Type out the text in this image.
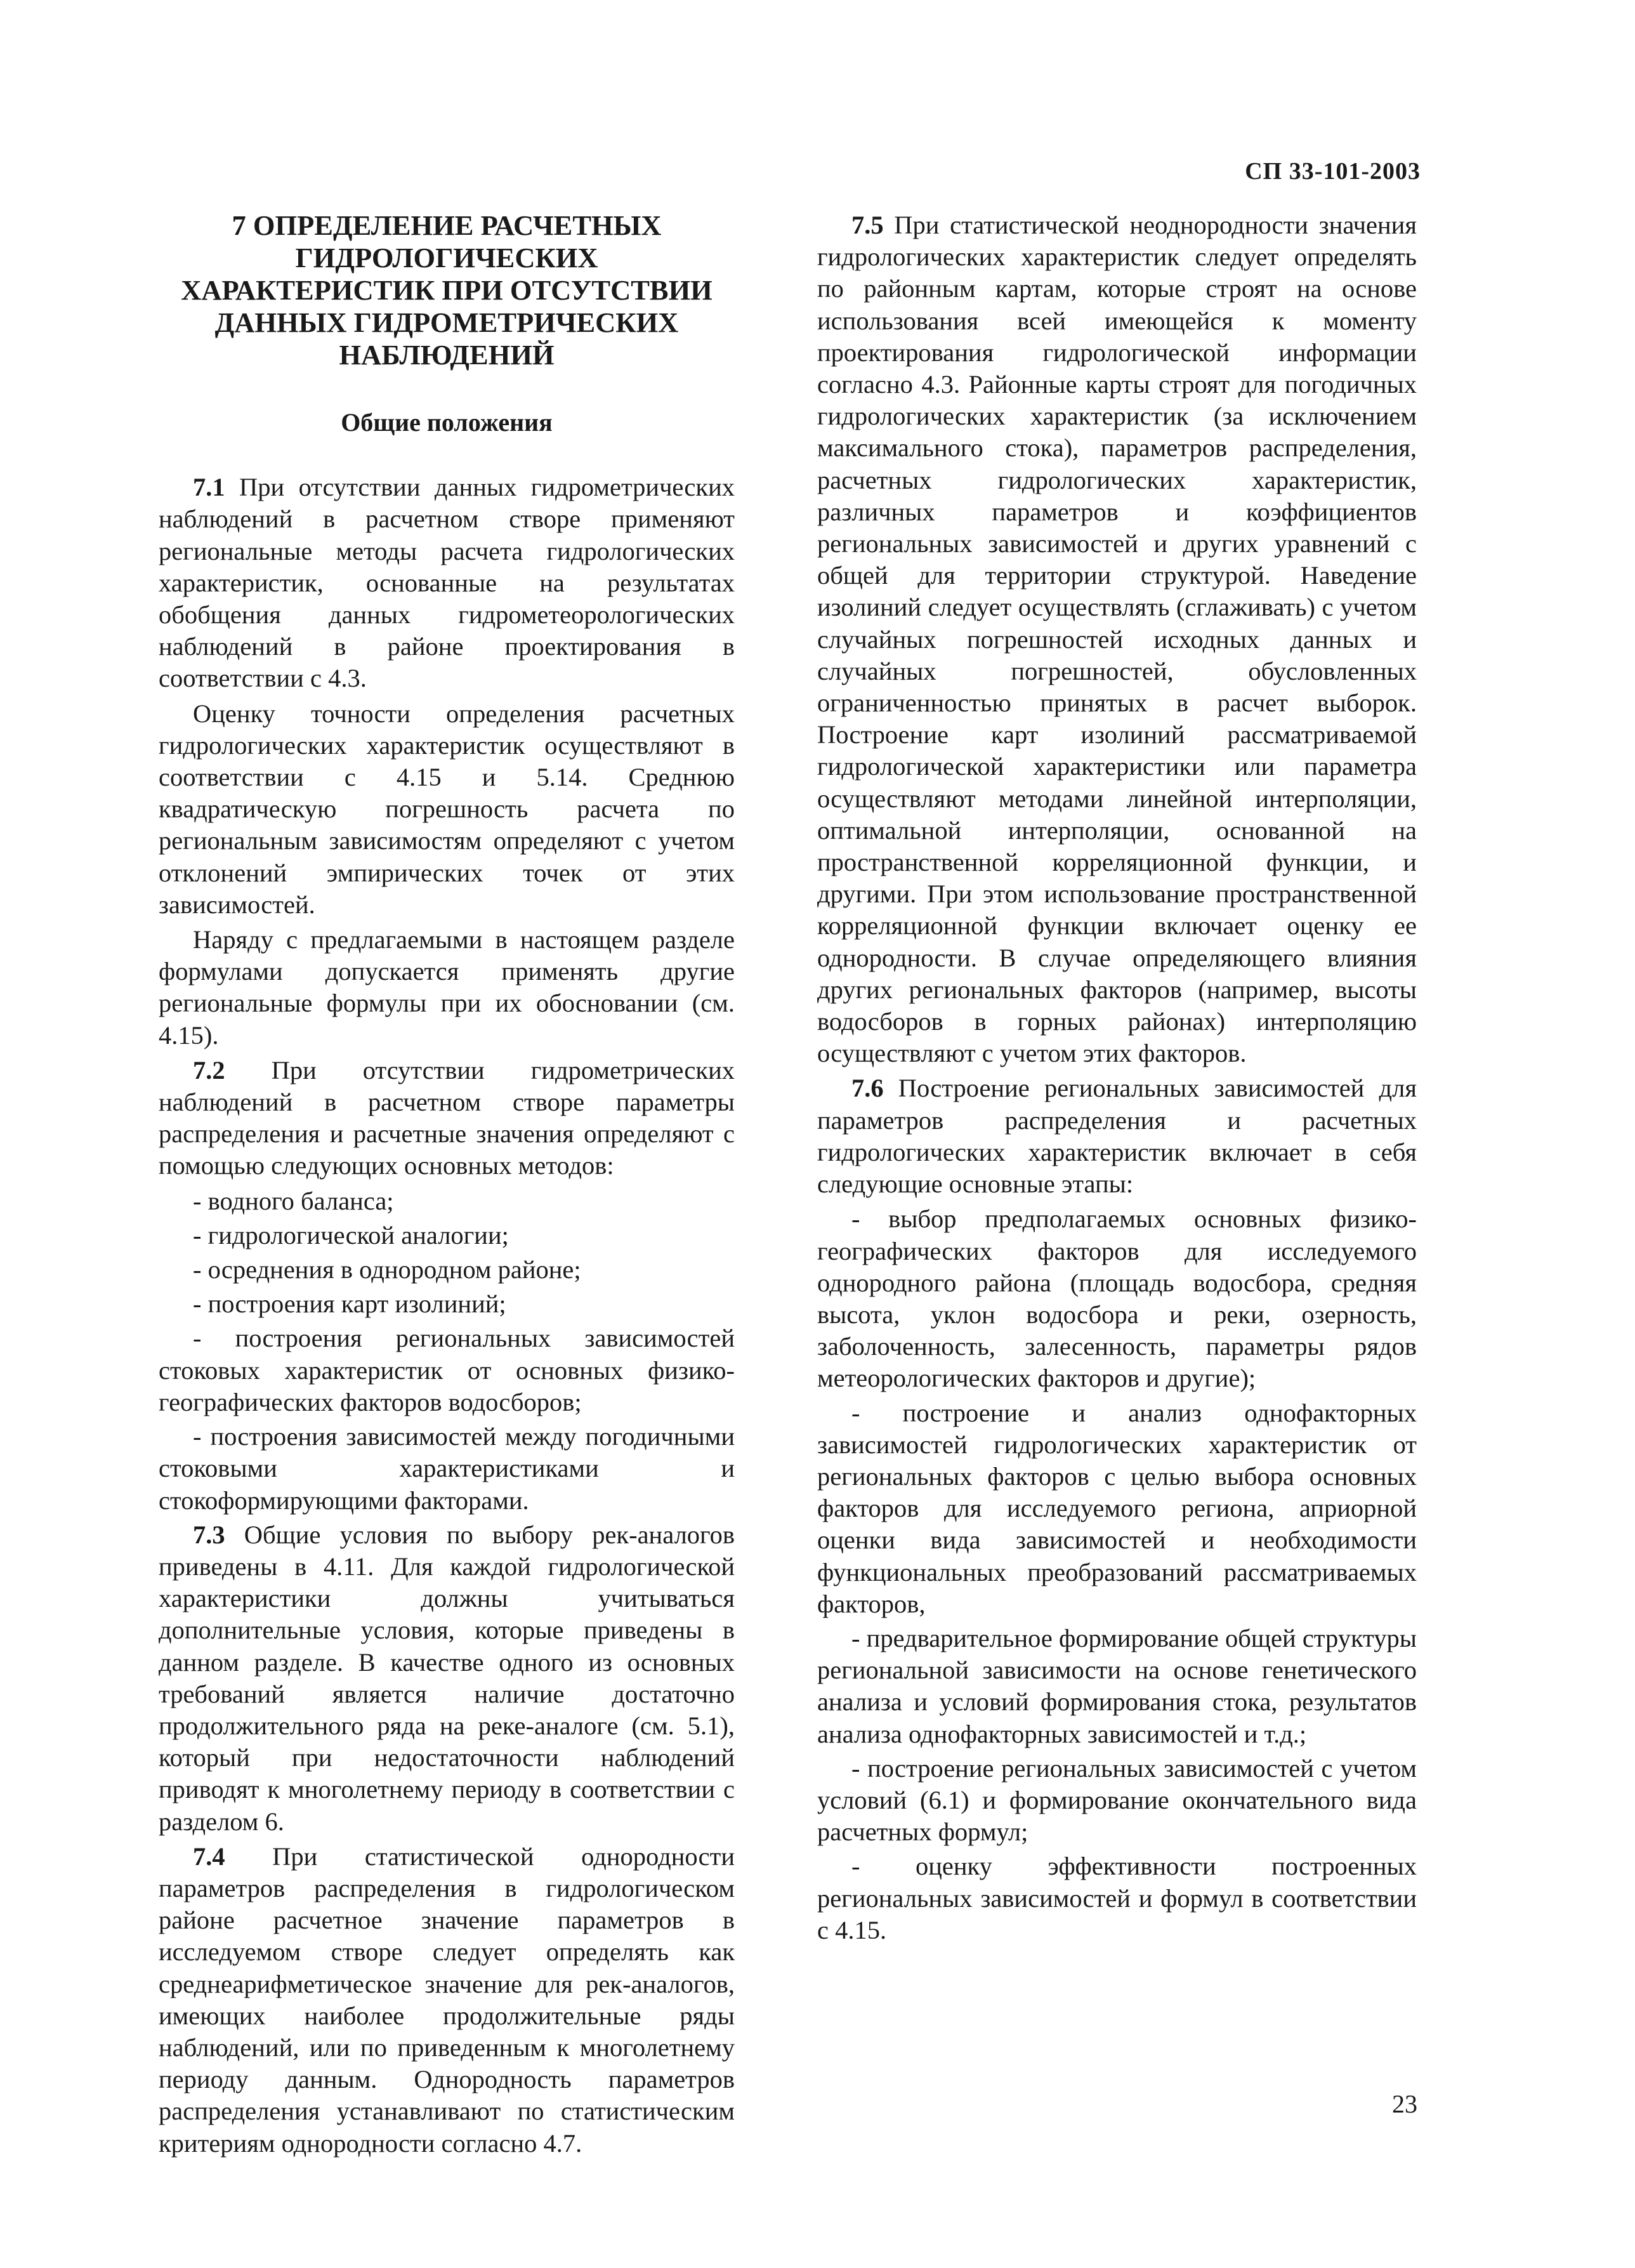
СП 33-101-2003
7 ОПРЕДЕЛЕНИЕ РАСЧЕТНЫХ ГИДРОЛОГИЧЕСКИХ ХАРАКТЕРИСТИК ПРИ ОТСУТСТВИИ ДАННЫХ ГИДРОМЕТРИЧЕСКИХ НАБЛЮДЕНИЙ
Общие положения

7.1 При отсутствии данных гидрометрических наблюдений в расчетном створе применяют региональные методы расчета гидрологических характеристик, основанные на результатах обобщения данных гидрометеорологических наблюдений в районе проектирования в соответствии с 4.3.

Оценку точности определения расчетных гидрологических характеристик осуществляют в соответствии с 4.15 и 5.14. Среднюю квадратическую погрешность расчета по региональным зависимостям определяют с учетом отклонений эмпирических точек от этих зависимостей.

Наряду с предлагаемыми в настоящем разделе формулами допускается применять другие региональные формулы при их обосновании (см. 4.15).

7.2 При отсутствии гидрометрических наблюдений в расчетном створе параметры распределения и расчетные значения определяют с помощью следующих основных методов:

- водного баланса;
- гидрологической аналогии;
- осреднения в однородном районе;
- построения карт изолиний;
- построения региональных зависимостей стоковых характеристик от основных физико-географических факторов водосборов;
- построения зависимостей между погодичными стоковыми характеристиками и стокоформирующими факторами.

7.3 Общие условия по выбору рек-аналогов приведены в 4.11. Для каждой гидрологической характеристики должны учитываться дополнительные условия, которые приведены в данном разделе. В качестве одного из основных требований является наличие достаточно продолжительного ряда на реке-аналоге (см. 5.1), который при недостаточности наблюдений приводят к многолетнему периоду в соответствии с разделом 6.

7.4 При статистической однородности параметров распределения в гидрологическом районе расчетное значение параметров в исследуемом створе следует определять как среднеарифметическое значение для рек-аналогов, имеющих наиболее продолжительные ряды наблюдений, или по приведенным к многолетнему периоду данным. Однородность параметров распределения устанавливают по статистическим критериям однородности согласно 4.7.

7.5 При статистической неоднородности значения гидрологических характеристик следует определять по районным картам, которые строят на основе использования всей имеющейся к моменту проектирования гидрологической информации согласно 4.3. Районные карты строят для погодичных гидрологических характеристик (за исключением максимального стока), параметров распределения, расчетных гидрологических характеристик, различных параметров и коэффициентов региональных зависимостей и других уравнений с общей для территории структурой. Наведение изолиний следует осуществлять (сглаживать) с учетом случайных погрешностей исходных данных и случайных погрешностей, обусловленных ограниченностью принятых в расчет выборок. Построение карт изолиний рассматриваемой гидрологической характеристики или параметра осуществляют методами линейной интерполяции, оптимальной интерполяции, основанной на пространственной корреляционной функции, и другими. При этом использование пространственной корреляционной функции включает оценку ее однородности. В случае определяющего влияния других региональных факторов (например, высоты водосборов в горных районах) интерполяцию осуществляют с учетом этих факторов.

7.6 Построение региональных зависимостей для параметров распределения и расчетных гидрологических характеристик включает в себя следующие основные этапы:

- выбор предполагаемых основных физико-географических факторов для исследуемого однородного района (площадь водосбора, средняя высота, уклон водосбора и реки, озерность, заболоченность, залесенность, параметры рядов метеорологических факторов и другие);
- построение и анализ однофакторных зависимостей гидрологических характеристик от региональных факторов с целью выбора основных факторов для исследуемого региона, априорной оценки вида зависимостей и необходимости функциональных преобразований рассматриваемых факторов,
- предварительное формирование общей структуры региональной зависимости на основе генетического анализа и условий формирования стока, результатов анализа однофакторных зависимостей и т.д.;
- построение региональных зависимостей с учетом условий (6.1) и формирование окончательного вида расчетных формул;
- оценку эффективности построенных региональных зависимостей и формул в соответствии с 4.15.
23
